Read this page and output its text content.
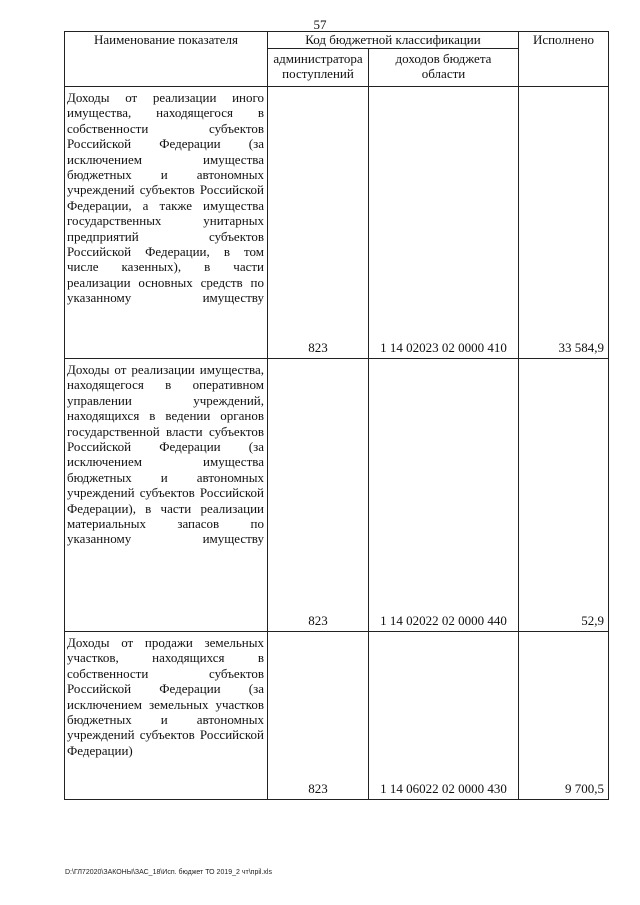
57
Наименование показателя	Код бюджетной классификации		Исполнено
	администратора поступлений	доходов бюджета области	
Доходы от реализации иного имущества, находящегося в собственности субъектов Российской Федерации (за исключением имущества бюджетных и автономных учреждений субъектов Российской Федерации, а также имущества государственных унитарных предприятий субъектов Российской Федерации, в том числе казенных), в части реализации основных средств по указанному имуществу	823	1 14 02023 02 0000 410	33 584,9
Доходы от реализации имущества, находящегося в оперативном управлении учреждений, находящихся в ведении органов государственной власти субъектов Российской Федерации (за исключением имущества бюджетных и автономных учреждений субъектов Российской Федерации), в части реализации материальных запасов по указанному имуществу	823	1 14 02022 02 0000 440	52,9
Доходы от продажи земельных участков, находящихся в собственности субъектов Российской Федерации (за исключением земельных участков бюджетных и автономных учреждений субъектов Российской Федерации)	823	1 14 06022 02 0000 430	9 700,5
D:\ГЛ72020\ЗАКОНЫ\ЗАС_18\Исп. бюджет ТО 2019_2 чт\прil.xls
